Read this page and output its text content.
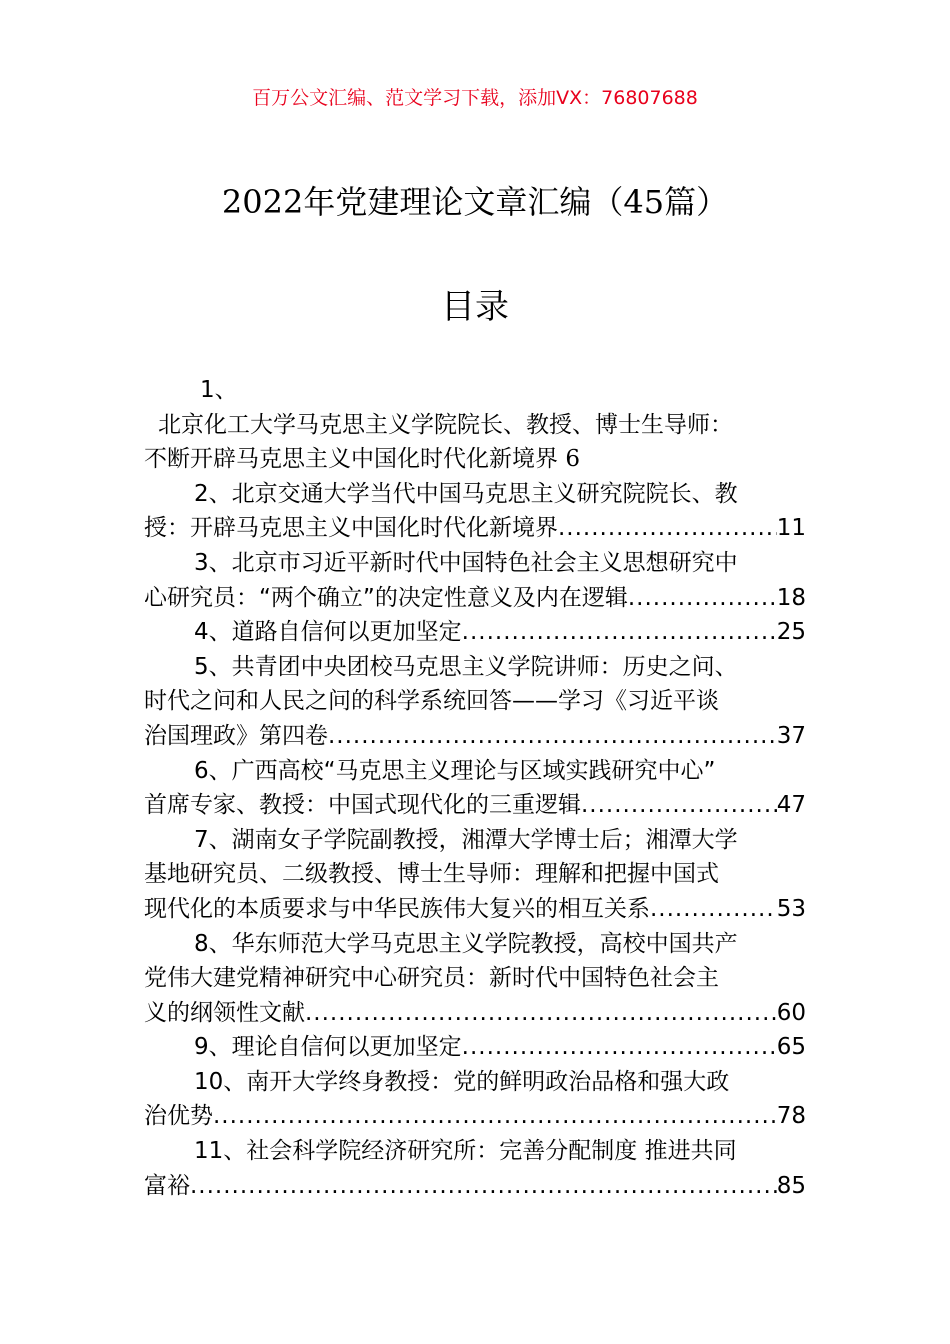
百万公文汇编、范文学习下载，添加VX：76807688
2022年党建理论文章汇编（45篇）
目录
1、
北京化工大学马克思主义学院院长、教授、博士生导师：
不断开辟马克思主义中国化时代化新境界 6
2、北京交通大学当代中国马克思主义研究院院长、教
授：开辟马克思主义中国化时代化新境界 .....	11
3、北京市习近平新时代中国特色社会主义思想研究中
心研究员：“两个确立”的决定性意义及内在逻辑 .....	18
4、道路自信何以更加坚定 .....	25
5、共青团中央团校马克思主义学院讲师：历史之问、
时代之问和人民之问的科学系统回答——学习《习近平谈
治国理政》第四卷 .....	37
6、广西高校“马克思主义理论与区域实践研究中心”
首席专家、教授：中国式现代化的三重逻辑 .....	47
7、湖南女子学院副教授，湘潭大学博士后；湘潭大学
基地研究员、二级教授、博士生导师：理解和把握中国式
现代化的本质要求与中华民族伟大复兴的相互关系 .....	53
8、华东师范大学马克思主义学院教授，高校中国共产
党伟大建党精神研究中心研究员：新时代中国特色社会主
义的纲领性文献 .....	60
9、理论自信何以更加坚定 .....	65
10、南开大学终身教授：党的鲜明政治品格和强大政
治优势 .....	78
11、社会科学院经济研究所：完善分配制度 推进共同
富裕 .....	85
